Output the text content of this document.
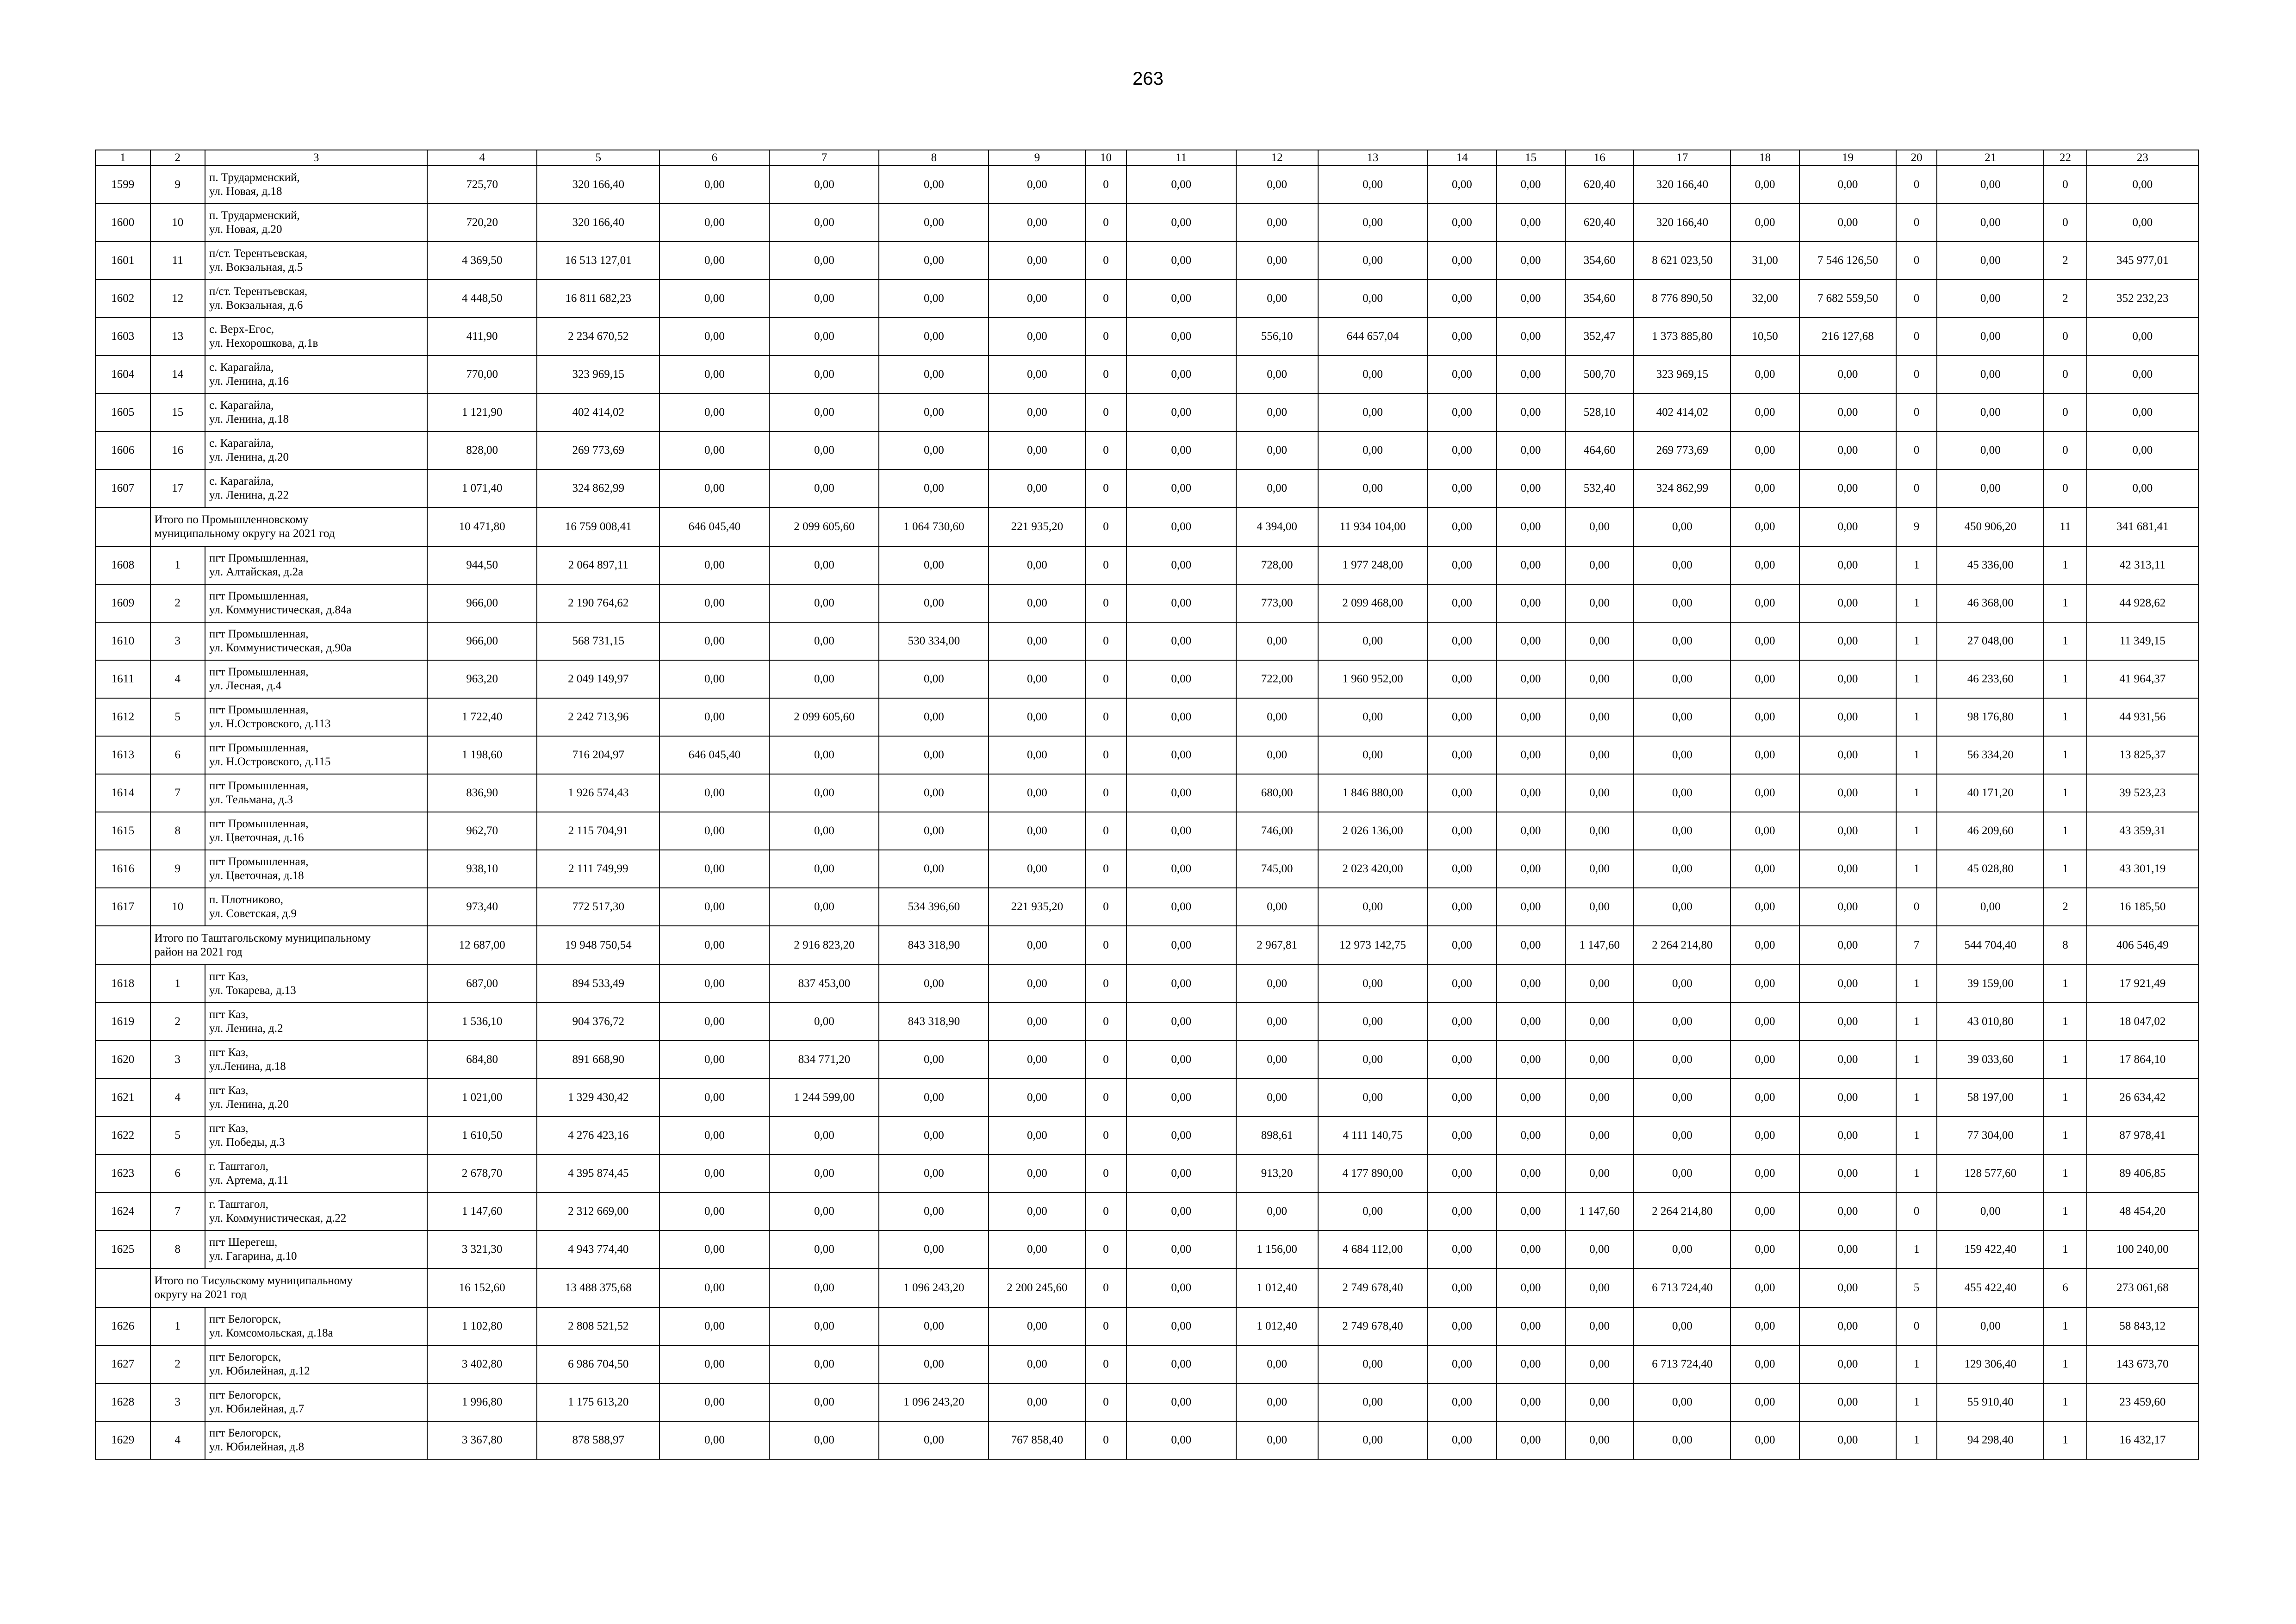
263
1	2	3	4	5	6	7	8	9	10	11	12	13	14	15	16	17	18	19	20	21	22	23
1599	9	п. Трударменский,
ул. Новая, д.18	725,70	320 166,40	0,00	0,00	0,00	0,00	0	0,00	0,00	0,00	0,00	0,00	620,40	320 166,40	0,00	0,00	0	0,00	0	0,00
1600	10	п. Трударменский,
ул. Новая, д.20	720,20	320 166,40	0,00	0,00	0,00	0,00	0	0,00	0,00	0,00	0,00	0,00	620,40	320 166,40	0,00	0,00	0	0,00	0	0,00
1601	11	п/ст. Терентьевская,
ул. Вокзальная, д.5	4 369,50	16 513 127,01	0,00	0,00	0,00	0,00	0	0,00	0,00	0,00	0,00	0,00	354,60	8 621 023,50	31,00	7 546 126,50	0	0,00	2	345 977,01
1602	12	п/ст. Терентьевская,
ул. Вокзальная, д.6	4 448,50	16 811 682,23	0,00	0,00	0,00	0,00	0	0,00	0,00	0,00	0,00	0,00	354,60	8 776 890,50	32,00	7 682 559,50	0	0,00	2	352 232,23
1603	13	с. Верх-Егос,
ул. Нехорошкова, д.1в	411,90	2 234 670,52	0,00	0,00	0,00	0,00	0	0,00	556,10	644 657,04	0,00	0,00	352,47	1 373 885,80	10,50	216 127,68	0	0,00	0	0,00
1604	14	с. Карагайла,
ул. Ленина, д.16	770,00	323 969,15	0,00	0,00	0,00	0,00	0	0,00	0,00	0,00	0,00	0,00	500,70	323 969,15	0,00	0,00	0	0,00	0	0,00
1605	15	с. Карагайла,
ул. Ленина, д.18	1 121,90	402 414,02	0,00	0,00	0,00	0,00	0	0,00	0,00	0,00	0,00	0,00	528,10	402 414,02	0,00	0,00	0	0,00	0	0,00
1606	16	с. Карагайла,
ул. Ленина, д.20	828,00	269 773,69	0,00	0,00	0,00	0,00	0	0,00	0,00	0,00	0,00	0,00	464,60	269 773,69	0,00	0,00	0	0,00	0	0,00
1607	17	с. Карагайла,
ул. Ленина, д.22	1 071,40	324 862,99	0,00	0,00	0,00	0,00	0	0,00	0,00	0,00	0,00	0,00	532,40	324 862,99	0,00	0,00	0	0,00	0	0,00

	Итого по Промышленновскому
муниципальному округу на 2021 год		10 471,80	16 759 008,41	646 045,40	2 099 605,60	1 064 730,60	221 935,20	0	0,00	4 394,00	11 934 104,00	0,00	0,00	0,00	0,00	0,00	0,00	9	450 906,20	11	341 681,41
1608	1	пгт Промышленная,
ул. Алтайская, д.2а	944,50	2 064 897,11	0,00	0,00	0,00	0,00	0	0,00	728,00	1 977 248,00	0,00	0,00	0,00	0,00	0,00	0,00	1	45 336,00	1	42 313,11
1609	2	пгт Промышленная,
ул. Коммунистическая, д.84а	966,00	2 190 764,62	0,00	0,00	0,00	0,00	0	0,00	773,00	2 099 468,00	0,00	0,00	0,00	0,00	0,00	0,00	1	46 368,00	1	44 928,62
1610	3	пгт Промышленная,
ул. Коммунистическая, д.90а	966,00	568 731,15	0,00	0,00	530 334,00	0,00	0	0,00	0,00	0,00	0,00	0,00	0,00	0,00	0,00	0,00	1	27 048,00	1	11 349,15
1611	4	пгт Промышленная,
ул. Лесная, д.4	963,20	2 049 149,97	0,00	0,00	0,00	0,00	0	0,00	722,00	1 960 952,00	0,00	0,00	0,00	0,00	0,00	0,00	1	46 233,60	1	41 964,37
1612	5	пгт Промышленная,
ул. Н.Островского, д.113	1 722,40	2 242 713,96	0,00	2 099 605,60	0,00	0,00	0	0,00	0,00	0,00	0,00	0,00	0,00	0,00	0,00	0,00	1	98 176,80	1	44 931,56
1613	6	пгт Промышленная,
ул. Н.Островского, д.115	1 198,60	716 204,97	646 045,40	0,00	0,00	0,00	0	0,00	0,00	0,00	0,00	0,00	0,00	0,00	0,00	0,00	1	56 334,20	1	13 825,37
1614	7	пгт Промышленная,
ул. Тельмана, д.3	836,90	1 926 574,43	0,00	0,00	0,00	0,00	0	0,00	680,00	1 846 880,00	0,00	0,00	0,00	0,00	0,00	0,00	1	40 171,20	1	39 523,23
1615	8	пгт Промышленная,
ул. Цветочная, д.16	962,70	2 115 704,91	0,00	0,00	0,00	0,00	0	0,00	746,00	2 026 136,00	0,00	0,00	0,00	0,00	0,00	0,00	1	46 209,60	1	43 359,31
1616	9	пгт Промышленная,
ул. Цветочная, д.18	938,10	2 111 749,99	0,00	0,00	0,00	0,00	0	0,00	745,00	2 023 420,00	0,00	0,00	0,00	0,00	0,00	0,00	1	45 028,80	1	43 301,19
1617	10	п. Плотниково,
ул. Советская, д.9	973,40	772 517,30	0,00	0,00	534 396,60	221 935,20	0	0,00	0,00	0,00	0,00	0,00	0,00	0,00	0,00	0,00	0	0,00	2	16 185,50

	Итого по Таштагольскому муниципальному
район на 2021 год		12 687,00	19 948 750,54	0,00	2 916 823,20	843 318,90	0,00	0	0,00	2 967,81	12 973 142,75	0,00	0,00	1 147,60	2 264 214,80	0,00	0,00	7	544 704,40	8	406 546,49
1618	1	пгт Каз,
ул. Токарева, д.13	687,00	894 533,49	0,00	837 453,00	0,00	0,00	0	0,00	0,00	0,00	0,00	0,00	0,00	0,00	0,00	0,00	1	39 159,00	1	17 921,49
1619	2	пгт Каз,
ул. Ленина, д.2	1 536,10	904 376,72	0,00	0,00	843 318,90	0,00	0	0,00	0,00	0,00	0,00	0,00	0,00	0,00	0,00	0,00	1	43 010,80	1	18 047,02
1620	3	пгт Каз,
ул.Ленина, д.18	684,80	891 668,90	0,00	834 771,20	0,00	0,00	0	0,00	0,00	0,00	0,00	0,00	0,00	0,00	0,00	0,00	1	39 033,60	1	17 864,10
1621	4	пгт Каз,
ул. Ленина, д.20	1 021,00	1 329 430,42	0,00	1 244 599,00	0,00	0,00	0	0,00	0,00	0,00	0,00	0,00	0,00	0,00	0,00	0,00	1	58 197,00	1	26 634,42
1622	5	пгт Каз,
ул. Победы, д.3	1 610,50	4 276 423,16	0,00	0,00	0,00	0,00	0	0,00	898,61	4 111 140,75	0,00	0,00	0,00	0,00	0,00	0,00	1	77 304,00	1	87 978,41
1623	6	г. Таштагол,
ул. Артема, д.11	2 678,70	4 395 874,45	0,00	0,00	0,00	0,00	0	0,00	913,20	4 177 890,00	0,00	0,00	0,00	0,00	0,00	0,00	1	128 577,60	1	89 406,85
1624	7	г. Таштагол,
ул. Коммунистическая, д.22	1 147,60	2 312 669,00	0,00	0,00	0,00	0,00	0	0,00	0,00	0,00	0,00	0,00	1 147,60	2 264 214,80	0,00	0,00	0	0,00	1	48 454,20
1625	8	пгт Шерегеш,
ул. Гагарина, д.10	3 321,30	4 943 774,40	0,00	0,00	0,00	0,00	0	0,00	1 156,00	4 684 112,00	0,00	0,00	0,00	0,00	0,00	0,00	1	159 422,40	1	100 240,00

	Итого по Тисульскому муниципальному
округу на 2021 год		16 152,60	13 488 375,68	0,00	0,00	1 096 243,20	2 200 245,60	0	0,00	1 012,40	2 749 678,40	0,00	0,00	0,00	6 713 724,40	0,00	0,00	5	455 422,40	6	273 061,68
1626	1	пгт Белогорск,
ул. Комсомольская, д.18а	1 102,80	2 808 521,52	0,00	0,00	0,00	0,00	0	0,00	1 012,40	2 749 678,40	0,00	0,00	0,00	0,00	0,00	0,00	0	0,00	1	58 843,12
1627	2	пгт Белогорск,
ул. Юбилейная, д.12	3 402,80	6 986 704,50	0,00	0,00	0,00	0,00	0	0,00	0,00	0,00	0,00	0,00	0,00	6 713 724,40	0,00	0,00	1	129 306,40	1	143 673,70
1628	3	пгт Белогорск,
ул. Юбилейная, д.7	1 996,80	1 175 613,20	0,00	0,00	1 096 243,20	0,00	0	0,00	0,00	0,00	0,00	0,00	0,00	0,00	0,00	0,00	1	55 910,40	1	23 459,60
1629	4	пгт Белогорск,
ул. Юбилейная, д.8	3 367,80	878 588,97	0,00	0,00	0,00	767 858,40	0	0,00	0,00	0,00	0,00	0,00	0,00	0,00	0,00	0,00	1	94 298,40	1	16 432,17
